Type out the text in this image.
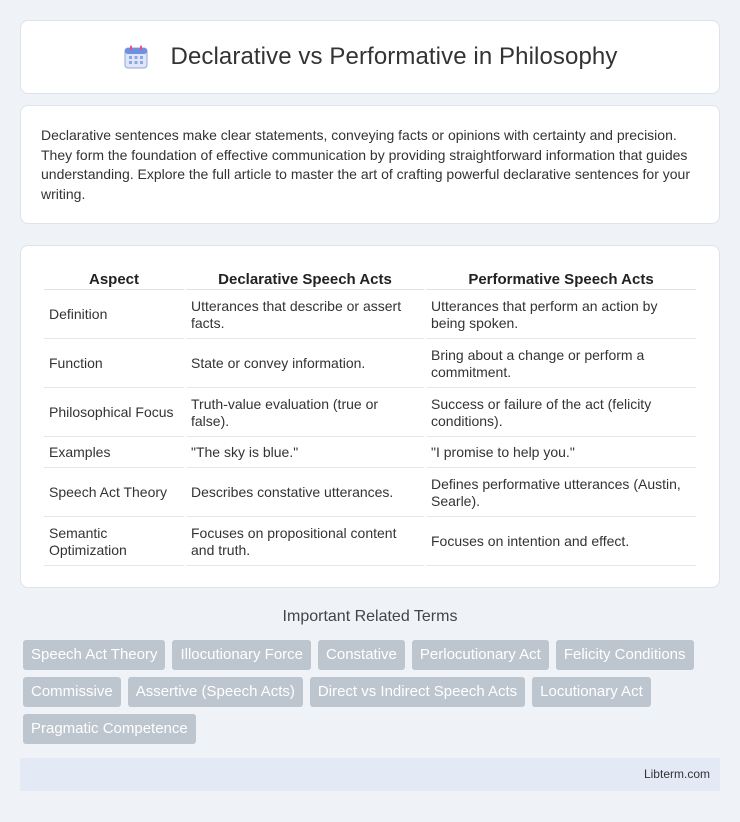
Declarative vs Performative in Philosophy

Declarative sentences make clear statements, conveying facts or opinions with certainty and precision. They form the foundation of effective communication by providing straightforward information that guides understanding. Explore the full article to master the art of crafting powerful declarative sentences for your writing.

Aspect	Declarative Speech Acts	Performative Speech Acts
Definition	Utterances that describe or assert facts.	Utterances that perform an action by being spoken.
Function	State or convey information.	Bring about a change or perform a commitment.
Philosophical Focus	Truth-value evaluation (true or false).	Success or failure of the act (felicity conditions).
Examples	"The sky is blue."	"I promise to help you."
Speech Act Theory	Describes constative utterances.	Defines performative utterances (Austin, Searle).
Semantic Optimization	Focuses on propositional content and truth.	Focuses on intention and effect.
Important Related Terms
Speech Act Theory	Illocutionary Force	Constative	Perlocutionary Act	Felicity Conditions
Commissive	Assertive (Speech Acts)	Direct vs Indirect Speech Acts	Locutionary Act
Pragmatic Competence
Libterm.com
